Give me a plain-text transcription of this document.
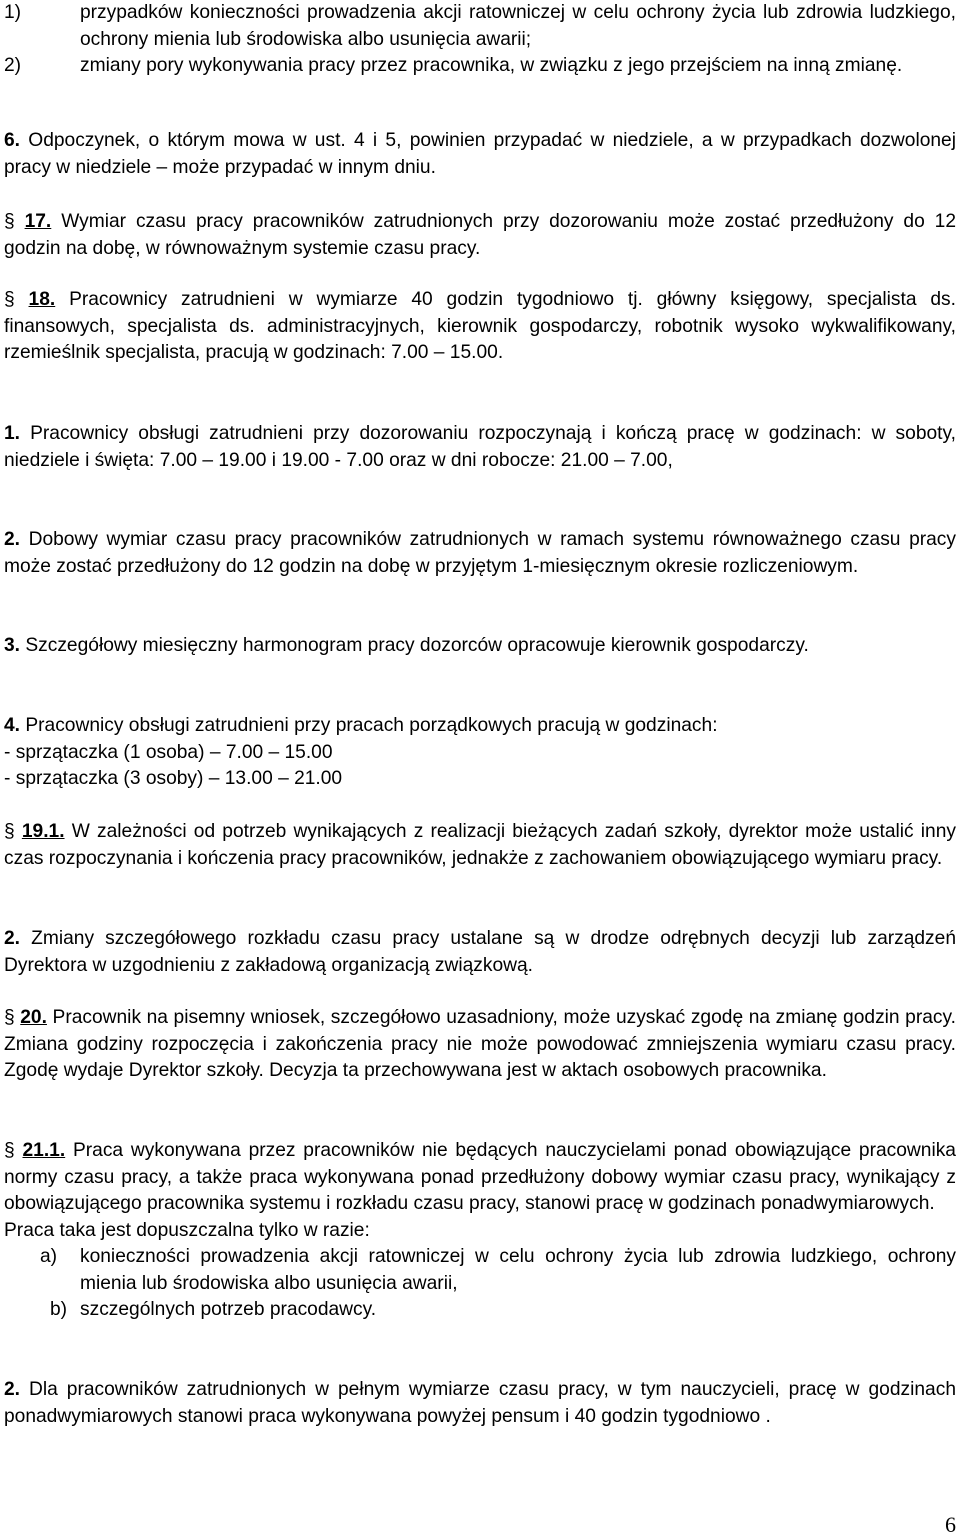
1)	przypadków konieczności prowadzenia akcji ratowniczej w celu ochrony życia lub zdrowia ludzkiego, ochrony mienia lub środowiska albo usunięcia awarii;
2)	zmiany pory wykonywania pracy przez pracownika, w związku z jego przejściem na inną zmianę.

6. Odpoczynek, o którym mowa w ust. 4 i 5, powinien przypadać w niedziele, a w przypadkach dozwolonej pracy w niedziele – może przypadać w innym dniu.

§ 17. Wymiar czasu pracy pracowników zatrudnionych przy dozorowaniu może zostać przedłużony do 12 godzin na dobę, w równoważnym systemie czasu pracy.

§ 18. Pracownicy zatrudnieni w wymiarze 40 godzin tygodniowo tj. główny księgowy, specjalista ds. finansowych, specjalista ds. administracyjnych, kierownik gospodarczy, robotnik wysoko wykwalifikowany, rzemieślnik specjalista, pracują w godzinach: 7.00 – 15.00.

1. Pracownicy obsługi zatrudnieni przy dozorowaniu rozpoczynają i kończą pracę w godzinach: w soboty, niedziele i święta: 7.00 – 19.00 i 19.00 - 7.00 oraz w dni robocze: 21.00 – 7.00,

2. Dobowy wymiar czasu pracy pracowników zatrudnionych w ramach systemu równoważnego czasu pracy może zostać przedłużony do 12 godzin na dobę w przyjętym 1-miesięcznym okresie rozliczeniowym.

3. Szczegółowy miesięczny harmonogram pracy dozorców opracowuje kierownik gospodarczy.

4. Pracownicy obsługi zatrudnieni przy pracach porządkowych pracują w godzinach:

- sprzątaczka (1 osoba) – 7.00 – 15.00

- sprzątaczka (3 osoby) – 13.00 – 21.00

§ 19.1. W zależności od potrzeb wynikających z realizacji bieżących zadań szkoły, dyrektor może ustalić inny czas rozpoczynania i kończenia pracy pracowników, jednakże z zachowaniem obowiązującego wymiaru pracy.

2. Zmiany szczegółowego rozkładu czasu pracy ustalane są w drodze odrębnych decyzji lub zarządzeń Dyrektora w uzgodnieniu z zakładową organizacją związkową.

§ 20. Pracownik na pisemny wniosek, szczegółowo uzasadniony, może uzyskać zgodę na zmianę godzin pracy. Zmiana godziny rozpoczęcia i zakończenia pracy nie może powodować zmniejszenia wymiaru czasu pracy. Zgodę wydaje Dyrektor szkoły. Decyzja ta przechowywana jest w aktach osobowych pracownika.

§ 21.1. Praca wykonywana przez pracowników nie będących nauczycielami ponad obowiązujące pracownika normy czasu pracy, a także praca wykonywana ponad przedłużony dobowy wymiar czasu pracy, wynikający z obowiązującego pracownika systemu i rozkładu czasu pracy, stanowi pracę w godzinach ponadwymiarowych.

Praca taka jest dopuszczalna tylko w razie:

a)	konieczności prowadzenia akcji ratowniczej w celu ochrony życia lub zdrowia ludzkiego, ochrony mienia lub środowiska albo usunięcia awarii,
b) szczególnych potrzeb pracodawcy.

2. Dla pracowników zatrudnionych w pełnym wymiarze czasu pracy, w tym nauczycieli, pracę w godzinach ponadwymiarowych stanowi praca wykonywana powyżej pensum i 40 godzin tygodniowo .

6
